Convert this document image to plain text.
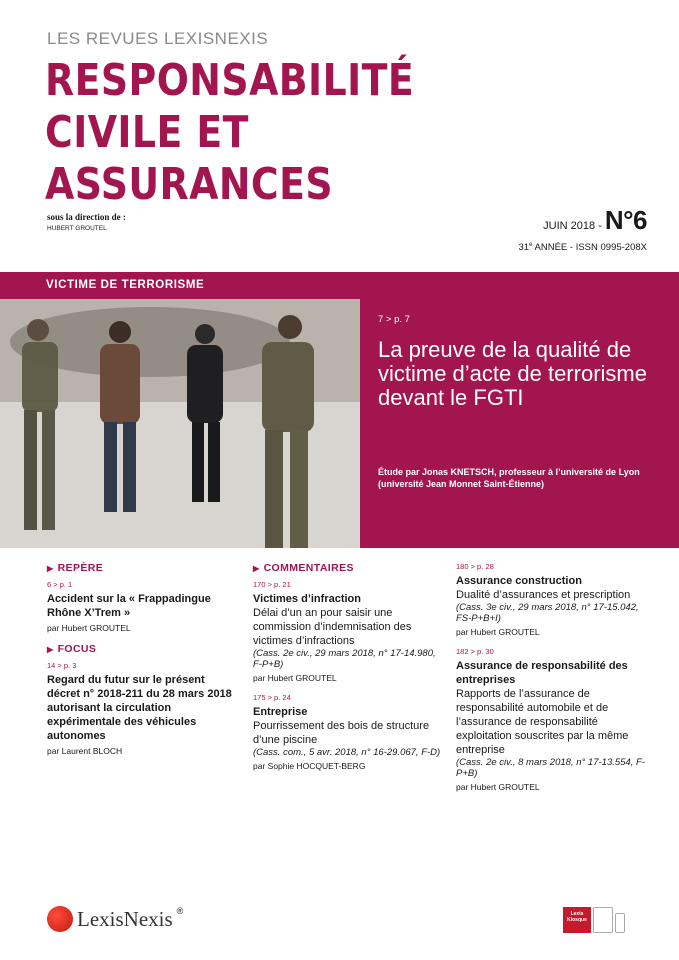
LES REVUES LEXISNEXIS
RESPONSABILITÉ
CIVILE ET
ASSURANCES
sous la direction de :
HUBERT GROUTEL	JUIN 2018 - N°6
31e ANNÉE - ISSN 0995-208X
VICTIME DE TERRORISME
7 > p. 7
La preuve de la qualité de victime d’acte de terrorisme devant le FGTI
Étude par Jonas KNETSCH, professeur à l’université de Lyon (université Jean Monnet Saint-Étienne)
▶ REPÈRE
6 > p. 1
Accident sur la « Frappadingue Rhône X’Trem »
par Hubert GROUTEL
▶ FOCUS
14 > p. 3
Regard du futur sur le présent décret n° 2018-211 du 28 mars 2018 autorisant la circulation expérimentale des véhicules autonomes
par Laurent BLOCH
▶ COMMENTAIRES
170 > p. 21
Victimes d’infraction
Délai d’un an pour saisir une commission d’indemnisation des victimes d’infractions
(Cass. 2e civ., 29 mars 2018, n° 17-14.980, F-P+B)
par Hubert GROUTEL
175 > p. 24
Entreprise
Pourrissement des bois de structure d’une piscine
(Cass. com., 5 avr. 2018, n° 16-29.067, F-D)
par Sophie HOCQUET-BERG
180 > p. 28
Assurance construction
Dualité d’assurances et prescription
(Cass. 3e civ., 29 mars 2018, n° 17-15.042, FS-P+B+I)
par Hubert GROUTEL
182 > p. 30
Assurance de responsabilité des entreprises
Rapports de l’assurance de responsabilité automobile et de l’assurance de responsabilité exploitation souscrites par la même entreprise
(Cass. 2e civ., 8 mars 2018, n° 17-13.554, F-P+B)
par Hubert GROUTEL
LexisNexis ®	Lexis Kiosque
